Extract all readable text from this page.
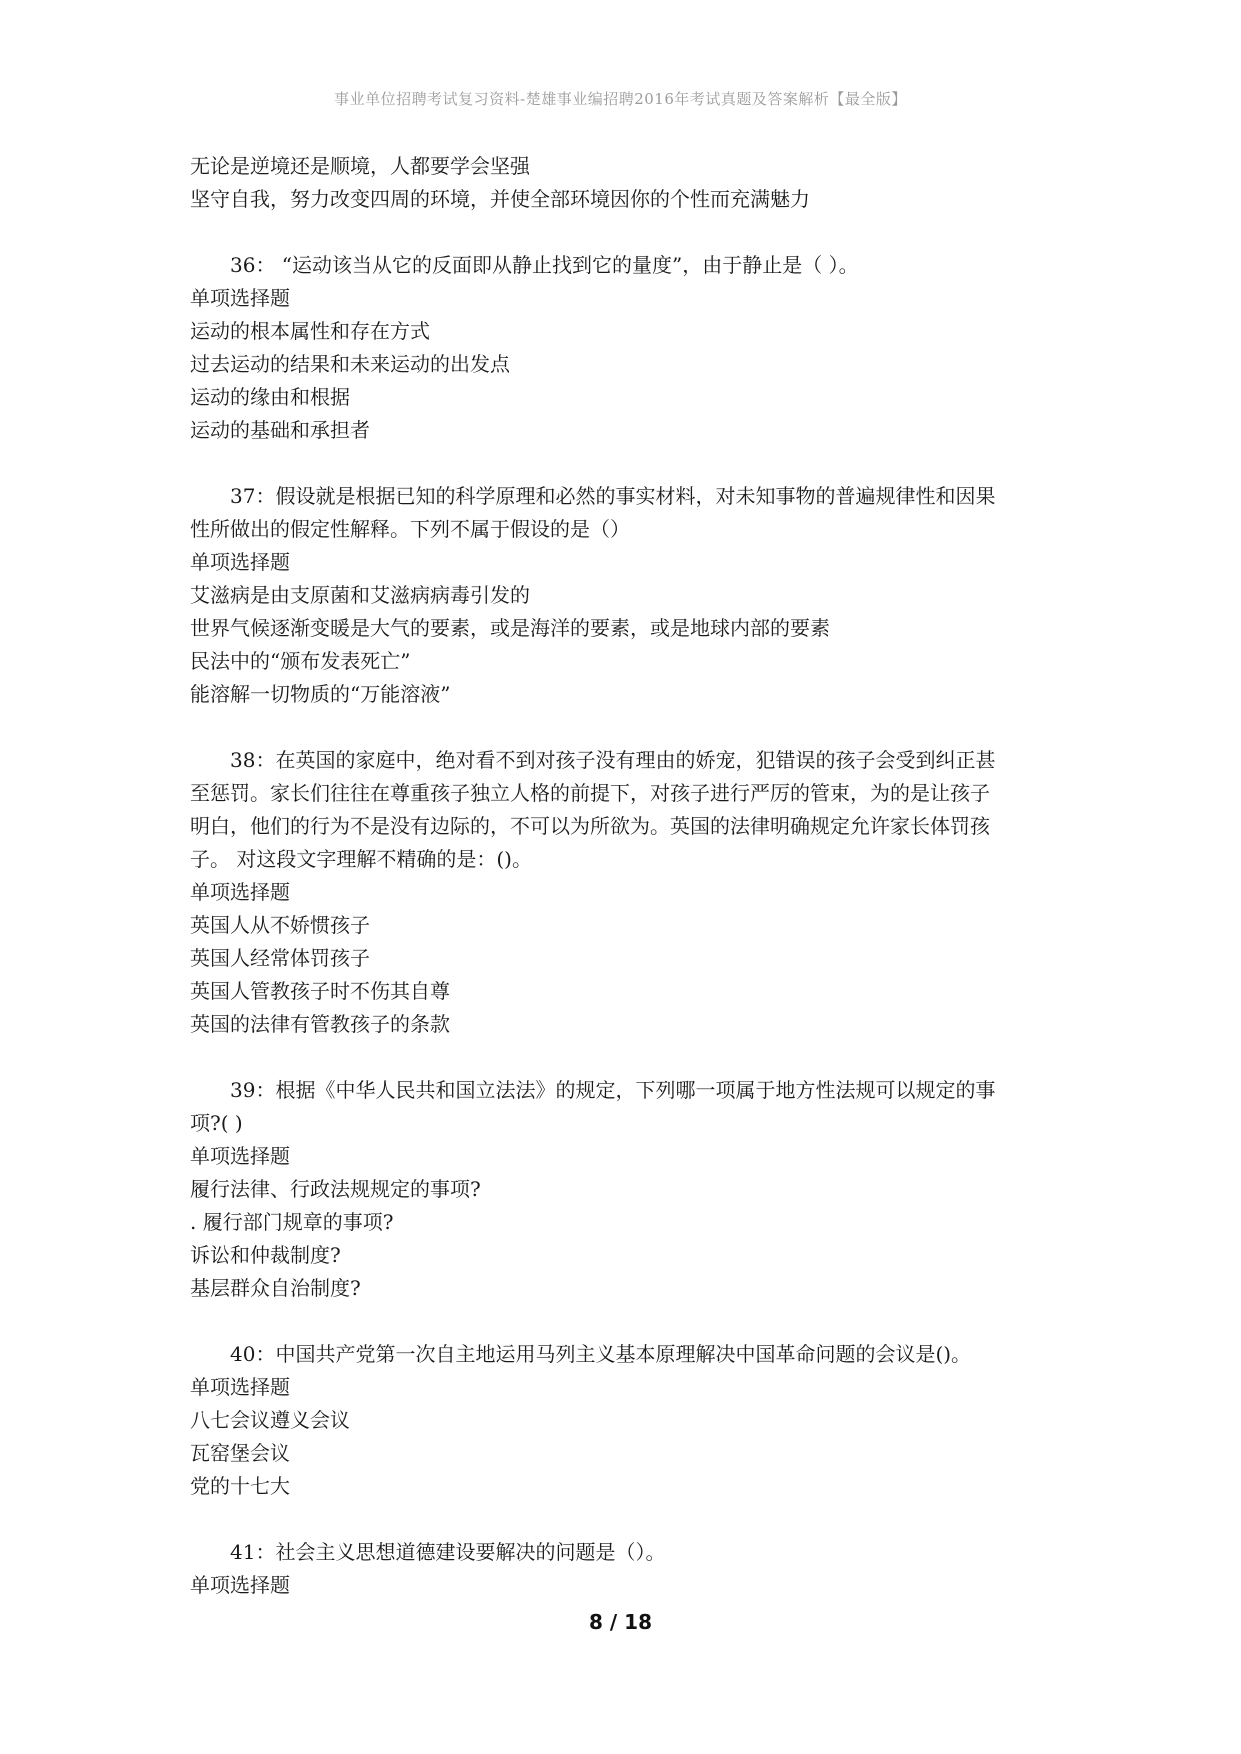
事业单位招聘考试复习资料-楚雄事业编招聘2016年考试真题及答案解析【最全版】
无论是逆境还是顺境，人都要学会坚强
坚守自我，努力改变四周的环境，并使全部环境因你的个性而充满魅力
36： “运动该当从它的反面即从静止找到它的量度”，由于静止是（ ）。
单项选择题
运动的根本属性和存在方式
过去运动的结果和未来运动的出发点
运动的缘由和根据
运动的基础和承担者
37：假设就是根据已知的科学原理和必然的事实材料，对未知事物的普遍规律性和因果
性所做出的假定性解释。下列不属于假设的是（）
单项选择题
艾滋病是由支原菌和艾滋病病毒引发的
世界气候逐渐变暖是大气的要素，或是海洋的要素，或是地球内部的要素
民法中的“颁布发表死亡”
能溶解一切物质的“万能溶液”
38：在英国的家庭中，绝对看不到对孩子没有理由的娇宠，犯错误的孩子会受到纠正甚
至惩罚。家长们往往在尊重孩子独立人格的前提下，对孩子进行严厉的管束，为的是让孩子
明白，他们的行为不是没有边际的，不可以为所欲为。英国的法律明确规定允许家长体罚孩
子。 对这段文字理解不精确的是：()。
单项选择题
英国人从不娇惯孩子
英国人经常体罚孩子
英国人管教孩子时不伤其自尊
英国的法律有管教孩子的条款
39：根据《中华人民共和国立法法》的规定，下列哪一项属于地方性法规可以规定的事
项?( )
单项选择题
履行法律、行政法规规定的事项?
. 履行部门规章的事项?
诉讼和仲裁制度?
基层群众自治制度?
40：中国共产党第一次自主地运用马列主义基本原理解决中国革命问题的会议是()。
单项选择题
八七会议遵义会议
瓦窑堡会议
党的十七大
41：社会主义思想道德建设要解决的问题是（）。
单项选择题
8 / 18
